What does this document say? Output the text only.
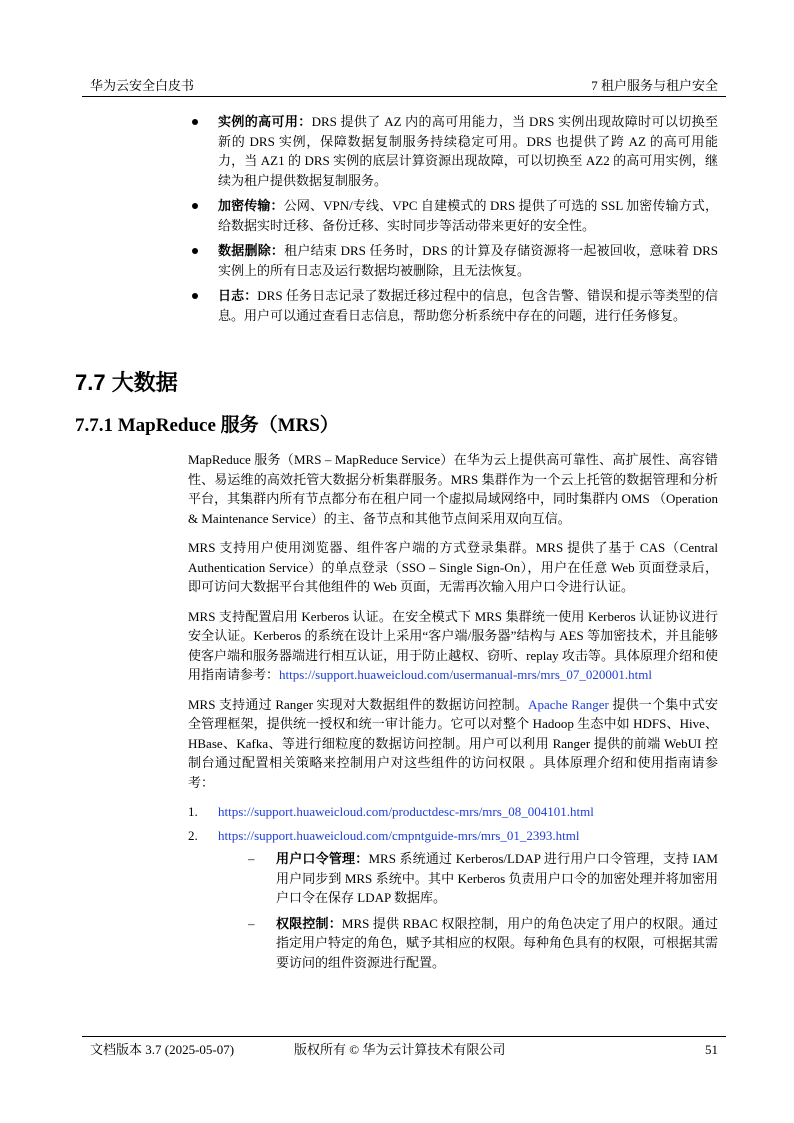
华为云安全白皮书	7 租户服务与租户安全
实例的高可用：DRS 提供了 AZ 内的高可用能力，当 DRS 实例出现故障时可以切换至新的 DRS 实例，保障数据复制服务持续稳定可用。DRS 也提供了跨 AZ 的高可用能力，当 AZ1 的 DRS 实例的底层计算资源出现故障，可以切换至 AZ2 的高可用实例，继续为租户提供数据复制服务。
加密传输：公网、VPN/专线、VPC 自建模式的 DRS 提供了可选的 SSL 加密传输方式，给数据实时迁移、备份迁移、实时同步等活动带来更好的安全性。
数据删除：租户结束 DRS 任务时，DRS 的计算及存储资源将一起被回收，意味着 DRS 实例上的所有日志及运行数据均被删除，且无法恢复。
日志：DRS 任务日志记录了数据迁移过程中的信息，包含告警、错误和提示等类型的信息。用户可以通过查看日志信息，帮助您分析系统中存在的问题，进行任务修复。
7.7 大数据
7.7.1 MapReduce 服务（MRS）

MapReduce 服务（MRS – MapReduce Service）在华为云上提供高可靠性、高扩展性、高容错性、易运维的高效托管大数据分析集群服务。MRS 集群作为一个云上托管的数据管理和分析平台，其集群内所有节点都分布在租户同一个虚拟局域网络中，同时集群内 OMS （Operation & Maintenance Service）的主、备节点和其他节点间采用双向互信。

MRS 支持用户使用浏览器、组件客户端的方式登录集群。MRS 提供了基于 CAS（Central Authentication Service）的单点登录（SSO – Single Sign-On），用户在任意 Web 页面登录后，即可访问大数据平台其他组件的 Web 页面，无需再次输入用户口令进行认证。

MRS 支持配置启用 Kerberos 认证。在安全模式下 MRS 集群统一使用 Kerberos 认证协议进行安全认证。Kerberos 的系统在设计上采用“客户端/服务器”结构与 AES 等加密技术，并且能够使客户端和服务器端进行相互认证，用于防止越权、窃听、replay 攻击等。具体原理介绍和使用指南请参考：https://support.huaweicloud.com/usermanual-mrs/mrs_07_020001.html

MRS 支持通过 Ranger 实现对大数据组件的数据访问控制。Apache Ranger 提供一个集中式安全管理框架，提供统一授权和统一审计能力。它可以对整个 Hadoop 生态中如 HDFS、Hive、HBase、Kafka、等进行细粒度的数据访问控制。用户可以利用 Ranger 提供的前端 WebUI 控制台通过配置相关策略来控制用户对这些组件的访问权限 。具体原理介绍和使用指南请参考：

1. https://support.huaweicloud.com/productdesc-mrs/mrs_08_004101.html
2. https://support.huaweicloud.com/cmpntguide-mrs/mrs_01_2393.html
– 用户口令管理：MRS 系统通过 Kerberos/LDAP 进行用户口令管理，支持 IAM 用户同步到 MRS 系统中。其中 Kerberos 负责用户口令的加密处理并将加密用户口令在保存 LDAP 数据库。
– 权限控制：MRS 提供 RBAC 权限控制，用户的角色决定了用户的权限。通过指定用户特定的角色，赋予其相应的权限。每种角色具有的权限，可根据其需要访问的组件资源进行配置。
文档版本 3.7 (2025-05-07)	版权所有 © 华为云计算技术有限公司	51
